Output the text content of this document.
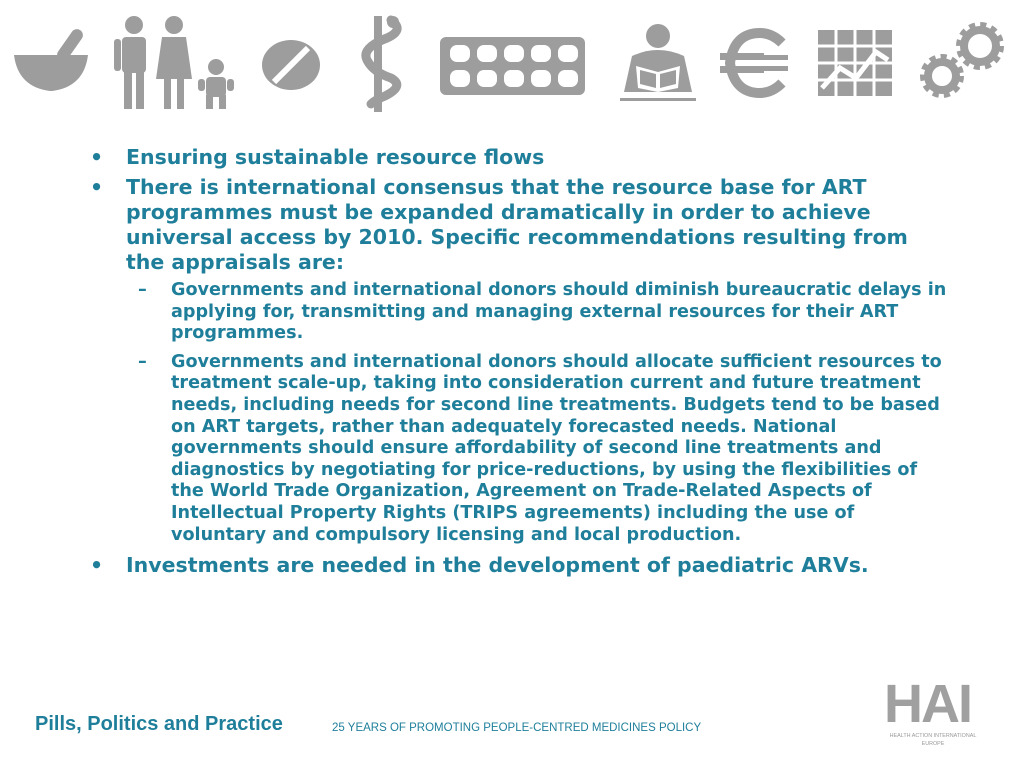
• Ensuring sustainable resource flows
• There is international consensus that the resource base for ART programmes must be expanded dramatically in order to achieve universal access by 2010. Specific recommendations resulting from the appraisals are:
– Governments and international donors should diminish bureaucratic delays in applying for, transmitting and managing external resources for their ART programmes.
– Governments and international donors should allocate sufficient resources to treatment scale-up, taking into consideration current and future treatment needs, including needs for second line treatments. Budgets tend to be based on ART targets, rather than adequately forecasted needs. National governments should ensure affordability of second line treatments and diagnostics by negotiating for price-reductions, by using the flexibilities of the World Trade Organization, Agreement on Trade-Related Aspects of Intellectual Property Rights (TRIPS agreements) including the use of voluntary and compulsory licensing and local production.
• Investments are needed in the development of paediatric ARVs.
Pills, Politics and Practice	25 YEARS OF PROMOTING PEOPLE-CENTRED MEDICINES POLICY	HAI
HEALTH ACTION INTERNATIONAL
EUROPE
